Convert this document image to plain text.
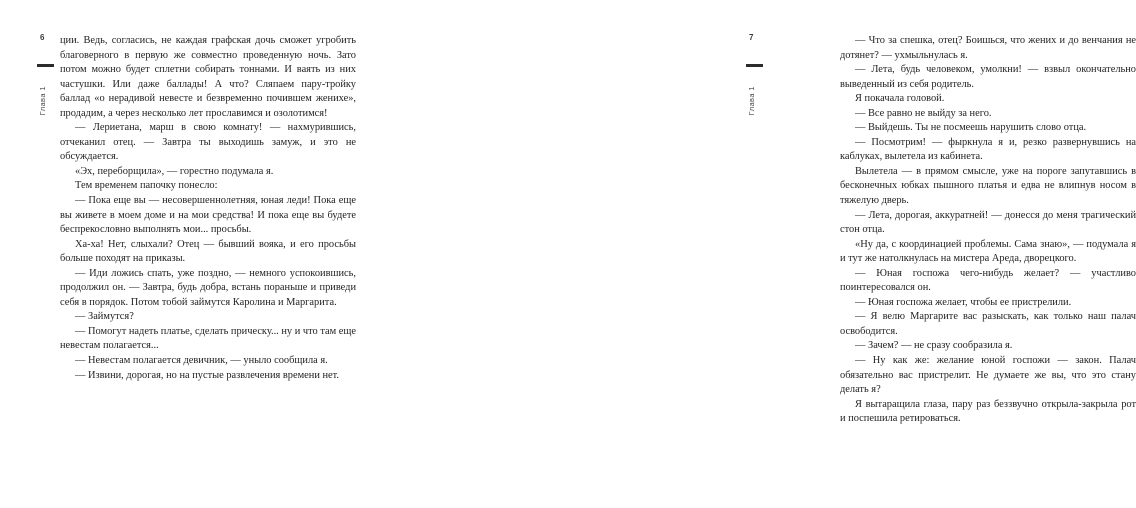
6
Глава 1

ции. Ведь, согласись, не каждая графская дочь сможет угробить благоверного в первую же совместно проведенную ночь. Зато потом можно будет сплетни собирать тоннами. И ваять из них частушки. Или даже баллады! А что? Сляпаем пару-тройку баллад «о нерадивой невесте и безвременно почившем женихе», продадим, а через несколько лет прославимся и озолотимся!

— Лериетана, марш в свою комнату! — нахмурившись, отчеканил отец. — Завтра ты выходишь замуж, и это не обсуждается.

«Эх, переборщила», — горестно подумала я.

Тем временем папочку понесло:

— Пока еще вы — несовершеннолетняя, юная леди! Пока еще вы живете в моем доме и на мои средства! И пока еще вы будете беспрекословно выполнять мои... просьбы.

Ха-ха! Нет, слыхали? Отец — бывший вояка, и его просьбы больше походят на приказы.

— Иди ложись спать, уже поздно, — немного успокоившись, продолжил он. — Завтра, будь добра, встань пораньше и приведи себя в порядок. Потом тобой займутся Каролина и Маргарита.

— Займутся?

— Помогут надеть платье, сделать прическу... ну и что там еще невестам полагается...

— Невестам полагается девичник, — уныло сообщила я.

— Извини, дорогая, но на пустые развлечения времени нет.

7
Глава 1

— Что за спешка, отец? Боишься, что жених и до венчания не дотянет? — ухмыльнулась я.

— Лета, будь человеком, умолкни! — взвыл окончательно выведенный из себя родитель.

Я покачала головой.

— Все равно не выйду за него.

— Выйдешь. Ты не посмеешь нарушить слово отца.

— Посмотрим! — фыркнула я и, резко развернувшись на каблуках, вылетела из кабинета.

Вылетела — в прямом смысле, уже на пороге запутавшись в бесконечных юбках пышного платья и едва не влипнув носом в тяжелую дверь.

— Лета, дорогая, аккуратней! — донесся до меня трагический стон отца.

«Ну да, с координацией проблемы. Сама знаю», — подумала я и тут же натолкнулась на мистера Ареда, дворецкого.

— Юная госпожа чего-нибудь желает? — участливо поинтересовался он.

— Юная госпожа желает, чтобы ее пристрелили.

— Я велю Маргарите вас разыскать, как только наш палач освободится.

— Зачем? — не сразу сообразила я.

— Ну как же: желание юной госпожи — закон. Палач обязательно вас пристрелит. Не думаете же вы, что это стану делать я?

Я вытаращила глаза, пару раз беззвучно открыла-закрыла рот и поспешила ретироваться.
